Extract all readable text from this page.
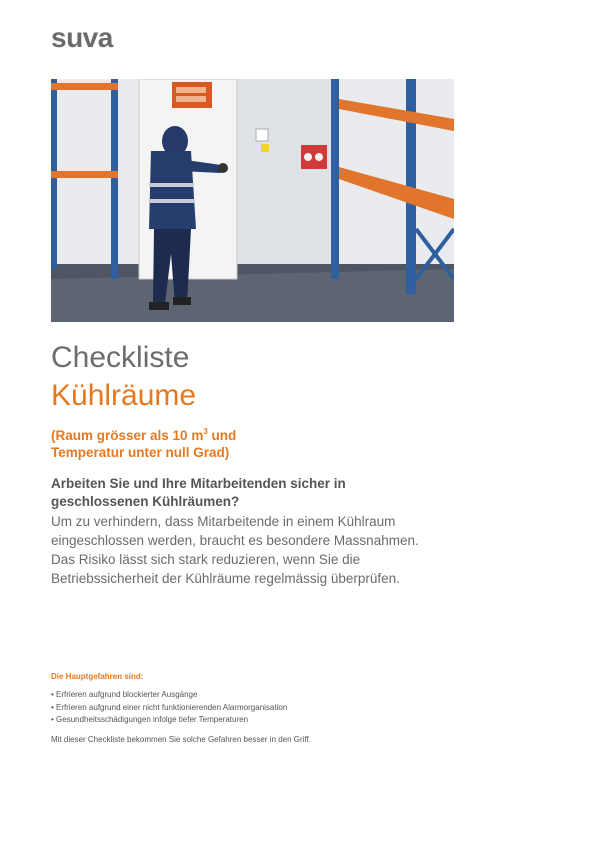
suva
Checkliste
Kühlräume
(Raum grösser als 10 $m^3$ und
Temperatur unter null Grad)
Arbeiten Sie und Ihre Mitarbeitenden sicher in geschlossenen Kühlräumen?
Um zu verhindern, dass Mitarbeitende in einem Kühlraum eingeschlossen werden, braucht es besondere Massnahmen. Das Risiko lässt sich stark reduzieren, wenn Sie die Betriebssicherheit der Kühlräume regelmässig überprüfen.
Die Hauptgefahren sind:
• Erfrieren aufgrund blockierter Ausgänge
• Erfrieren aufgrund einer nicht funktionierenden Alarmorganisation
• Gesundheitsschädigungen infolge tiefer Temperaturen
Mit dieser Checkliste bekommen Sie solche Gefahren besser in den Griff.
